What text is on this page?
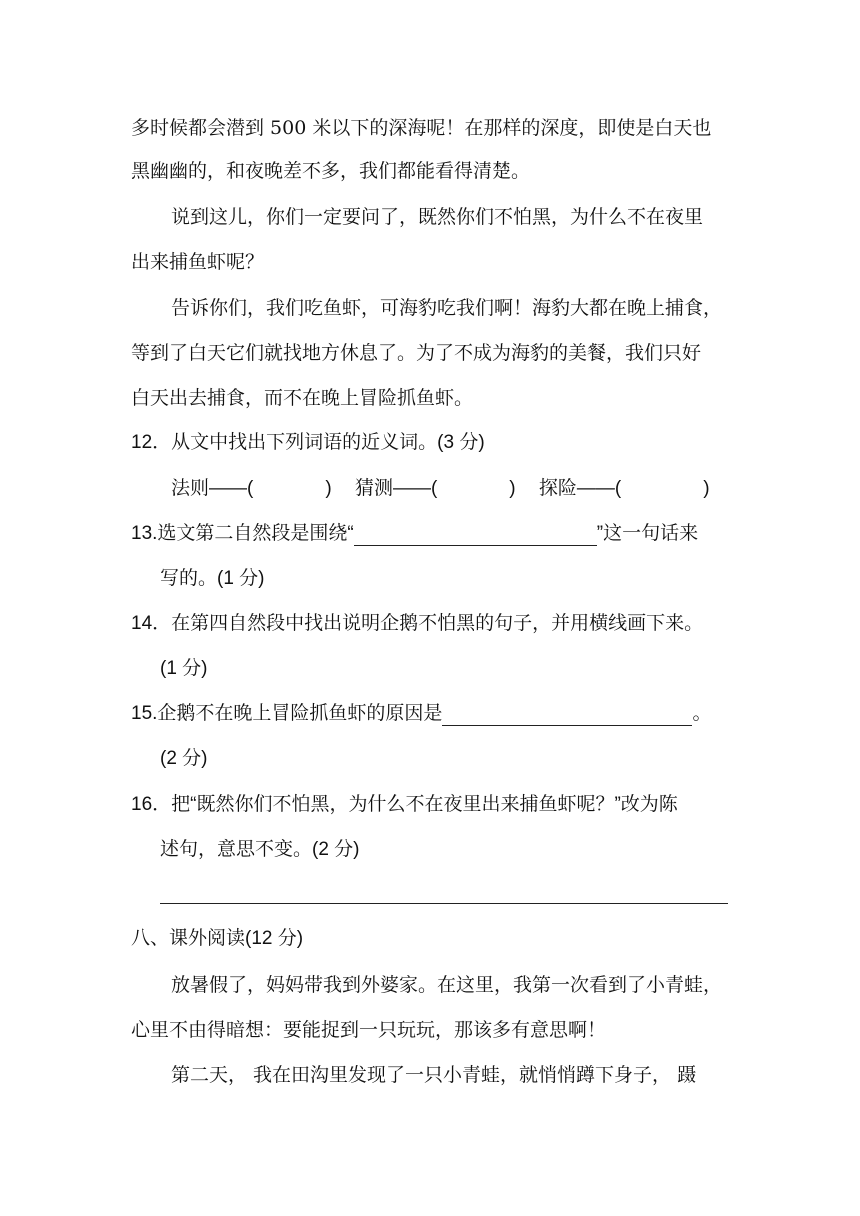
多时候都会潜到 500 米以下的深海呢！在那样的深度，即使是白天也
黑幽幽的，和夜晚差不多，我们都能看得清楚。
说到这儿，你们一定要问了，既然你们不怕黑，为什么不在夜里
出来捕鱼虾呢？
告诉你们，我们吃鱼虾，可海豹吃我们啊！海豹大都在晚上捕食，
等到了白天它们就找地方休息了。为了不成为海豹的美餐，我们只好
白天出去捕食，而不在晚上冒险抓鱼虾。
12．从文中找出下列词语的近义词。(3 分)
法则——(	) 猜测——(	) 探险——(	)
13.选文第二自然段是围绕“	”这一句话来
写的。(1 分)
14．在第四自然段中找出说明企鹅不怕黑的句子，并用横线画下来。
(1 分)
15.企鹅不在晚上冒险抓鱼虾的原因是	。
(2 分)
16．把“既然你们不怕黑，为什么不在夜里出来捕鱼虾呢？”改为陈
述句，意思不变。(2 分)
八、课外阅读(12 分)
放暑假了，妈妈带我到外婆家。在这里，我第一次看到了小青蛙，
心里不由得暗想：要能捉到一只玩玩，那该多有意思啊！
第二天， 我在田沟里发现了一只小青蛙，就悄悄蹲下身子， 蹑
